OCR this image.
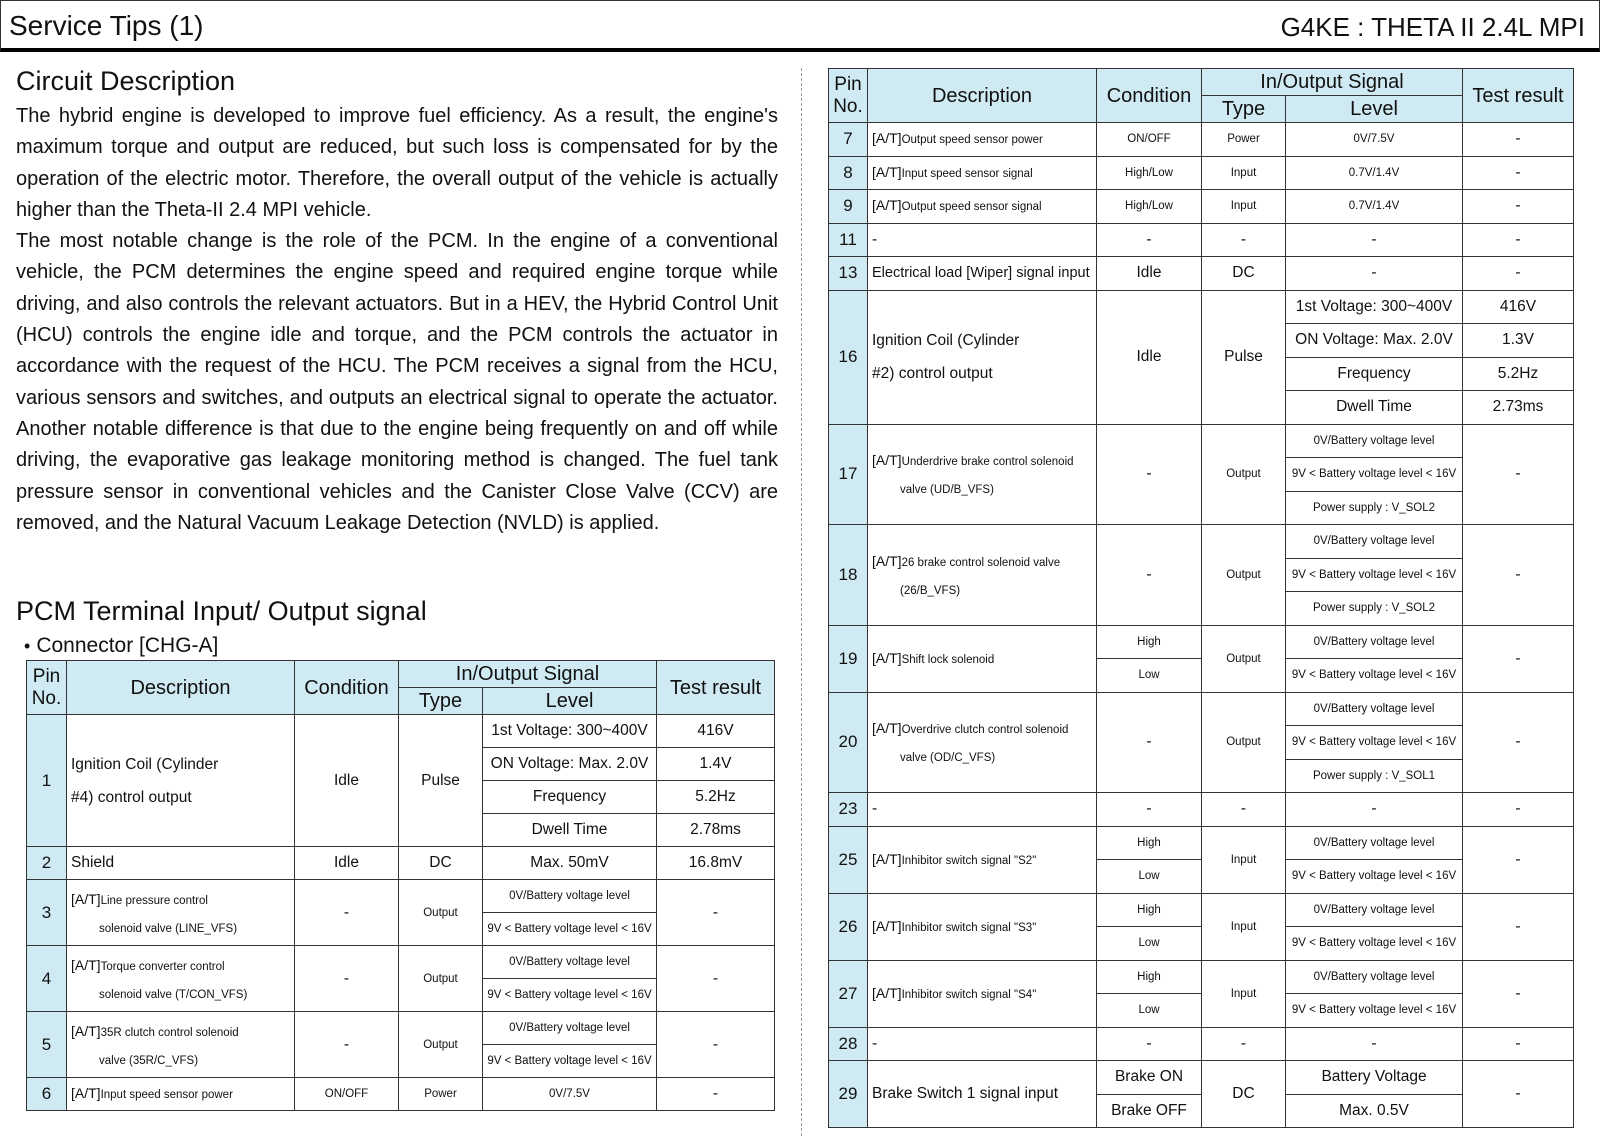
Service Tips (1)	G4KE : THETA II 2.4L MPI
Circuit Description

The hybrid engine is developed to improve fuel efficiency. As a result, the engine's maximum torque and output are reduced, but such loss is compensated for by the operation of the electric motor. Therefore, the overall output of the vehicle is actually higher than the Theta-II 2.4 MPI vehicle.

The most notable change is the role of the PCM. In the engine of a conventional vehicle, the PCM determines the engine speed and required engine torque while driving, and also controls the relevant actuators. But in a HEV, the Hybrid Control Unit (HCU) controls the engine idle and torque, and the PCM controls the actuator in accordance with the request of the HCU. The PCM receives a signal from the HCU, various sensors and switches, and outputs an electrical signal to operate the actuator. Another notable difference is that due to the engine being frequently on and off while driving, the evaporative gas leakage monitoring method is changed. The fuel tank pressure sensor in conventional vehicles and the Canister Close Valve (CCV) are removed, and the Natural Vacuum Leakage Detection (NVLD) is applied.

PCM Terminal Input/ Output signal
• Connector [CHG-A]
Pin No.	Description	Condition	In/Output Signal		Test result
			Type	Level	
1	Ignition Coil (Cylinder #4) control output	Idle	Pulse	1st Voltage: 300~400V	416V
				ON Voltage: Max. 2.0V	1.4V
				Frequency	5.2Hz
				Dwell Time	2.78ms
2	Shield	Idle	DC	Max. 50mV	16.8mV
3	[A/T]Line pressure control
solenoid valve (LINE_VFS)	-	Output	0V/Battery voltage level	-
				9V < Battery voltage level < 16V	
4	[A/T]Torque converter control
solenoid valve (T/CON_VFS)	-	Output	0V/Battery voltage level	-
				9V < Battery voltage level < 16V	
5	[A/T]35R clutch control solenoid
valve (35R/C_VFS)	-	Output	0V/Battery voltage level	-
				9V < Battery voltage level < 16V	
6	[A/T]Input speed sensor power	ON/OFF	Power	0V/7.5V	-
Pin No.	Description	Condition	In/Output Signal		Test result
			Type	Level	
7	[A/T]Output speed sensor power	ON/OFF	Power	0V/7.5V	-
8	[A/T]Input speed sensor signal	High/Low	Input	0.7V/1.4V	-
9	[A/T]Output speed sensor signal	High/Low	Input	0.7V/1.4V	-
11	-	-	-	-	-
13	Electrical load [Wiper] signal input	Idle	DC	-	-
16	Ignition Coil (Cylinder #2) control output	Idle	Pulse	1st Voltage: 300~400V	416V
				ON Voltage: Max. 2.0V	1.3V
				Frequency	5.2Hz
				Dwell Time	2.73ms
17	[A/T]Underdrive brake control solenoid
valve (UD/B_VFS)	-	Output	0V/Battery voltage level	-
				9V < Battery voltage level < 16V	
				Power supply : V_SOL2	
18	[A/T]26 brake control solenoid valve
(26/B_VFS)	-	Output	0V/Battery voltage level	-
				9V < Battery voltage level < 16V	
				Power supply : V_SOL2	
19	[A/T]Shift lock solenoid	High	Output	0V/Battery voltage level	-
		Low		9V < Battery voltage level < 16V	
20	[A/T]Overdrive clutch control solenoid
valve (OD/C_VFS)	-	Output	0V/Battery voltage level	-
				9V < Battery voltage level < 16V	
				Power supply : V_SOL1	
23	-	-	-	-	-
25	[A/T]Inhibitor switch signal "S2"	High	Input	0V/Battery voltage level	-
		Low		9V < Battery voltage level < 16V	
26	[A/T]Inhibitor switch signal "S3"	High	Input	0V/Battery voltage level	-
		Low		9V < Battery voltage level < 16V	
27	[A/T]Inhibitor switch signal "S4"	High	Input	0V/Battery voltage level	-
		Low		9V < Battery voltage level < 16V	
28	-	-	-	-	-
29	Brake Switch 1 signal input	Brake ON	DC	Battery Voltage	-
		Brake OFF		Max. 0.5V	
